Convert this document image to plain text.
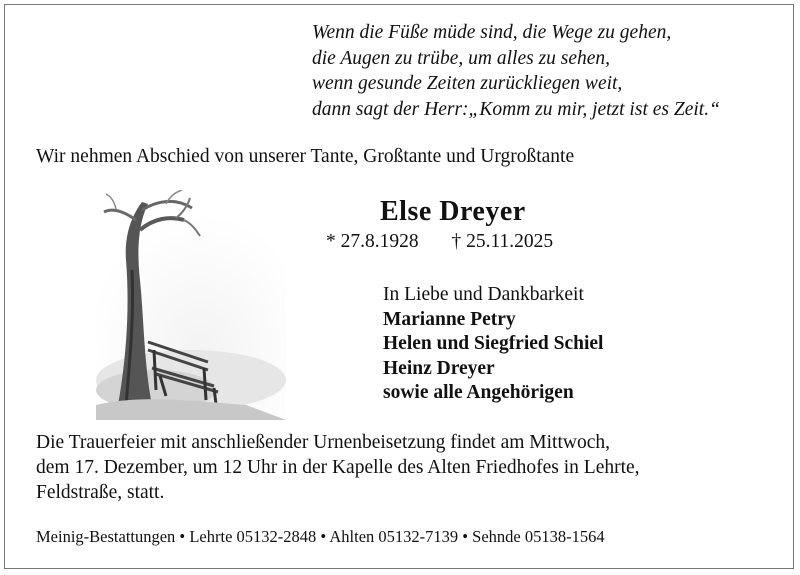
Wenn die Füße müde sind, die Wege zu gehen,
die Augen zu trübe, um alles zu sehen,
wenn gesunde Zeiten zurückliegen weit,
dann sagt der Herr:„Komm zu mir, jetzt ist es Zeit.“
Wir nehmen Abschied von unserer Tante, Großtante und Urgroßtante
Else Dreyer
* 27.8.1928 † 25.11.2025
In Liebe und Dankbarkeit
Marianne Petry
Helen und Siegfried Schiel
Heinz Dreyer
sowie alle Angehörigen
Die Trauerfeier mit anschließender Urnenbeisetzung findet am Mittwoch,
dem 17. Dezember, um 12 Uhr in der Kapelle des Alten Friedhofes in Lehrte,
Feldstraße, statt.
Meinig-Bestattungen • Lehrte 05132-2848 • Ahlten 05132-7139 • Sehnde 05138-1564
